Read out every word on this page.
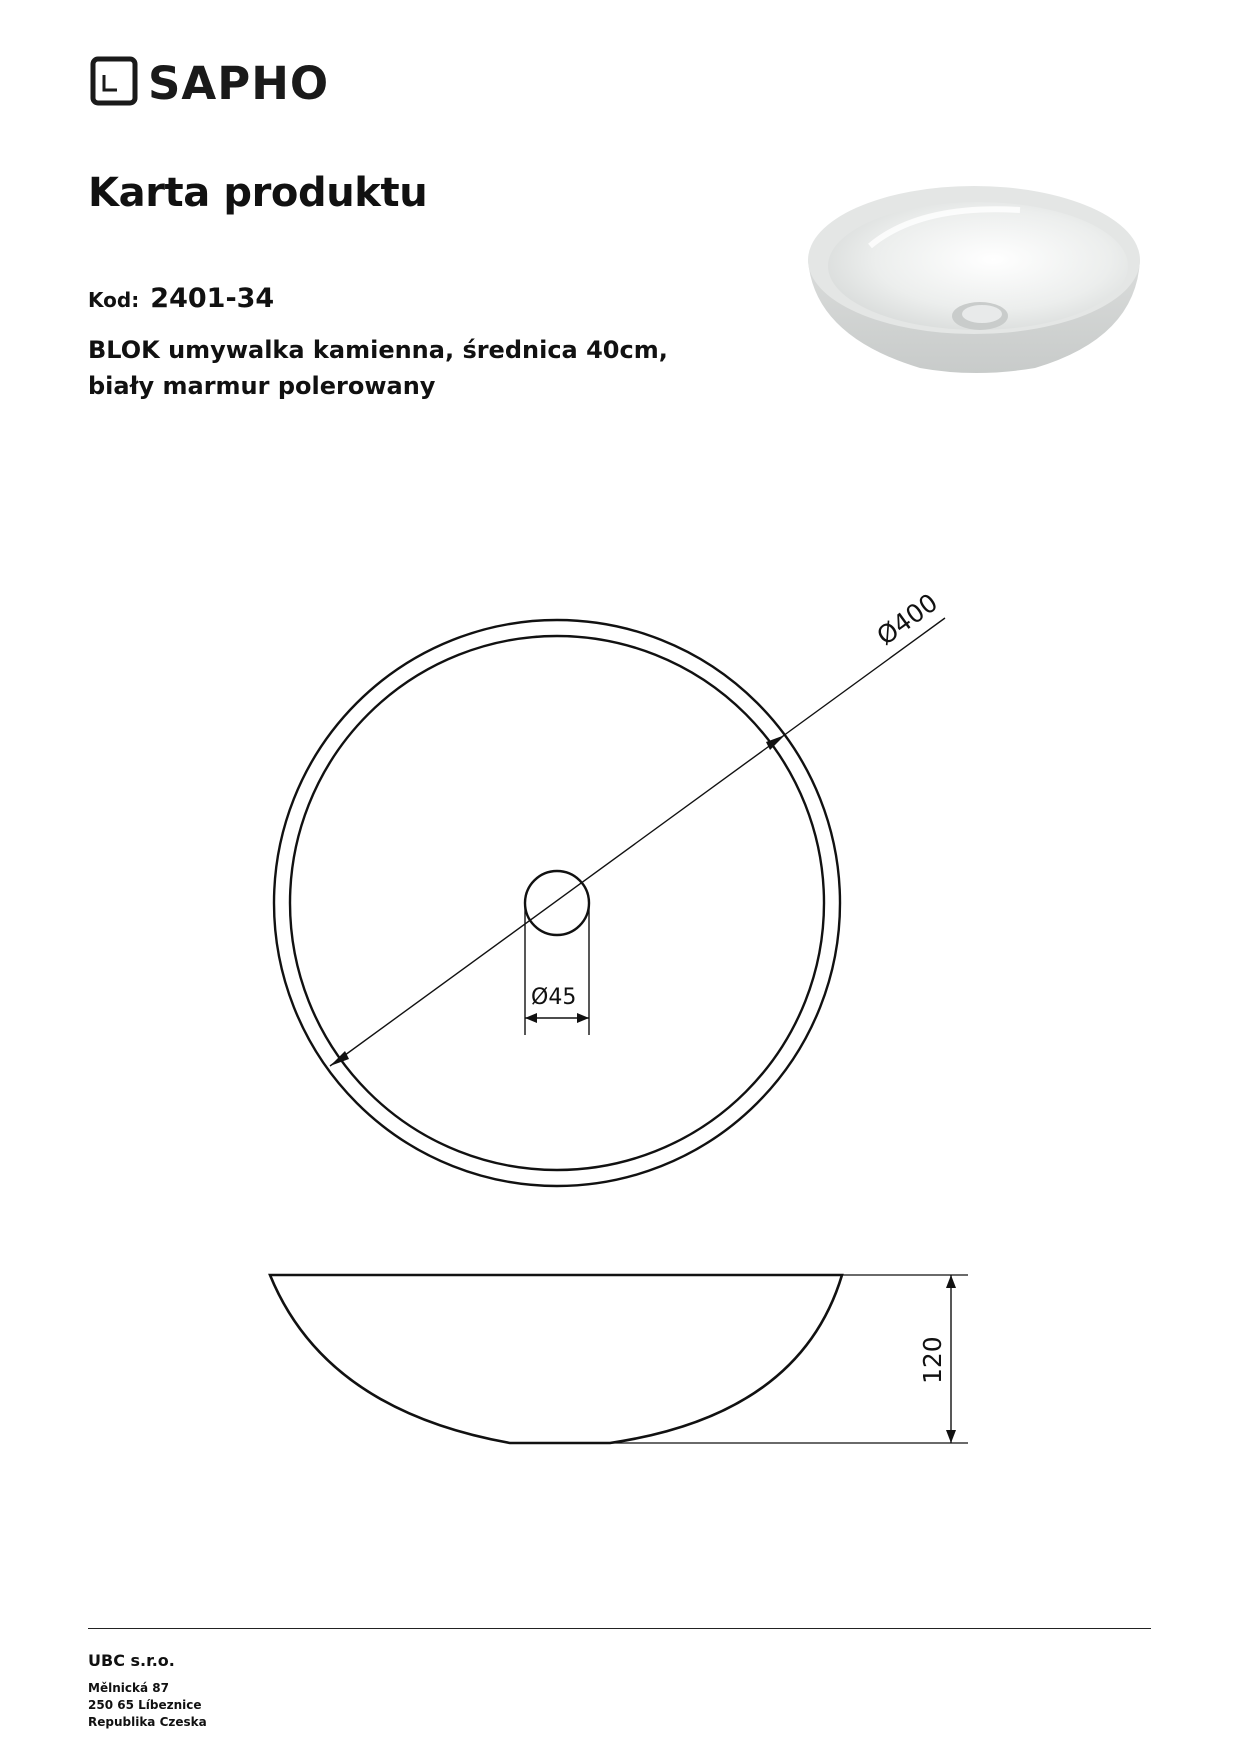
SAPHO
Karta produktu
Kod: 2401-34

BLOK umywalka kamienna, średnica 40cm, biały marmur polerowany

Ø400
Ø45
120
UBC s.r.o.
Mělnická 87
250 65 Líbeznice
Republika Czeska
